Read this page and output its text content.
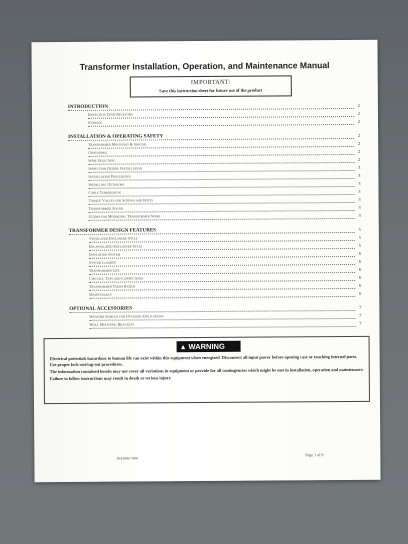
Transformer Installation, Operation, and Maintenance Manual
IMPORTANT:
Save this instruction sheet for future use of the product
INTRODUCTION	2
Inspection Upon Receiving	2
Storage	2
INSTALLATION & OPERATING SAFETY	2
Transformer Mounting & Spacing	2
Grounding	2
Wire Selection	2
Inspection During Installation	3
Installation Procedures	3
Installing Outdoors	3
Cable Termination	3
Torque Values for Screws and Bolts	3
Transformer Sound	3
Guides for Minimizing Transformer Noise	3
TRANSFORMER DESIGN FEATURES	5
Ventilated Enclosure Style	5
Encapsulated Enclosure Style	5
Insulation System	6
System Loading	6
Transformer Life	6
Circuits, Taps and Connections	6
Transformer Turns Ratios	6
Maintenance	6
OPTIONAL ACCESSORIES	7
Weather Shields for Outdoor Applications	7
Wall Mounting Brackets	7
▲ WARNING

Electrical potentials hazardous to human life can exist within this equipment when energized. Disconnect all input power before opening case or touching internal parts. Use proper lock-out/tag-out procedures.

The information contained herein may not cover all variations in equipment or provide for all contingencies which might be met in installation, operation and maintenance.

Failure to follow instructions may result in death or serious injury

304-0067-000
Page 1 of 8
